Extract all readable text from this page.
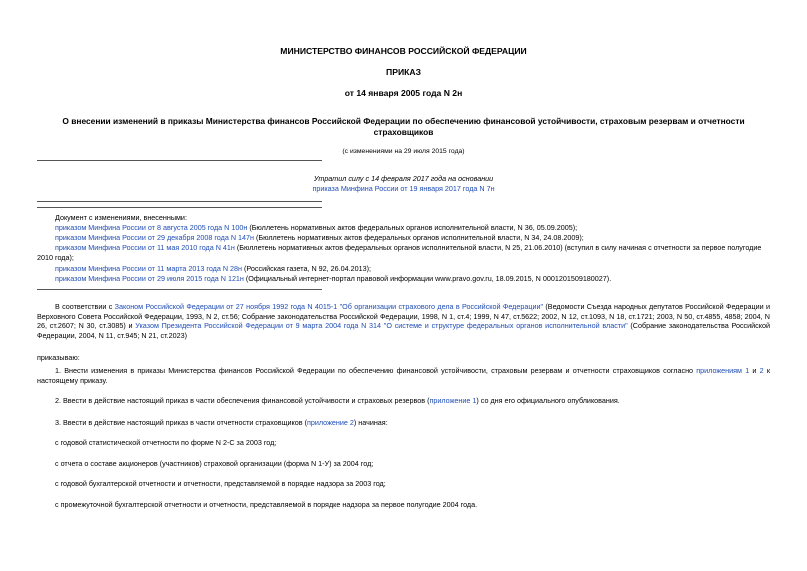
МИНИСТЕРСТВО ФИНАНСОВ РОССИЙСКОЙ ФЕДЕРАЦИИ
ПРИКАЗ
от 14 января 2005 года N 2н
О внесении изменений в приказы Министерства финансов Российской Федерации по обеспечению финансовой устойчивости, страховым резервам и отчетности
страховщиков
(с изменениями на 29 июля 2015 года)
Утратил силу с 14 февраля 2017 года на основании
приказа Минфина России от 19 января 2017 года N 7н
Документ с изменениями, внесенными:
приказом Минфина России от 8 августа 2005 года N 100н (Бюллетень нормативных актов федеральных органов исполнительной власти, N 36, 05.09.2005);
приказом Минфина России от 29 декабря 2008 года N 147н (Бюллетень нормативных актов федеральных органов исполнительной власти, N 34, 24.08.2009);
приказом Минфина России от 11 мая 2010 года N 41н (Бюллетень нормативных актов федеральных органов исполнительной власти, N 25, 21.06.2010) (вступил в силу начиная с отчетности за первое полугодие
2010 года);
приказом Минфина России от 11 марта 2013 года N 28н (Российская газета, N 92, 26.04.2013);
приказом Минфина России от 29 июля 2015 года N 121н (Официальный интернет-портал правовой информации www.pravo.gov.ru, 18.09.2015, N 0001201509180027).
В соответствии с Законом Российской Федерации от 27 ноября 1992 года N 4015-1 "Об организации страхового дела в Российской Федерации" (Ведомости Съезда народных депутатов Российской Федерации и Верховного Совета Российской Федерации, 1993, N 2, ст.56; Собрание законодательства Российской Федерации, 1998, N 1, ст.4; 1999, N 47, ст.5622; 2002, N 12, ст.1093, N 18, ст.1721; 2003, N 50, ст.4855, 4858; 2004, N 26, ст.2607; N 30, ст.3085) и Указом Президента Российской Федерации от 9 марта 2004 года N 314 "О системе и структуре федеральных органов исполнительной власти" (Собрание законодательства Российской Федерации, 2004, N 11, ст.945; N 21, ст.2023)
приказываю:
1. Внести изменения в приказы Министерства финансов Российской Федерации по обеспечению финансовой устойчивости, страховым резервам и отчетности страховщиков согласно приложениям 1 и 2 к настоящему приказу.
2. Ввести в действие настоящий приказ в части обеспечения финансовой устойчивости и страховых резервов (приложение 1) со дня его официального опубликования.
3. Ввести в действие настоящий приказ в части отчетности страховщиков (приложение 2) начиная:
с годовой статистической отчетности по форме N 2-С за 2003 год;
с отчета о составе акционеров (участников) страховой организации (форма N 1-У) за 2004 год;
с годовой бухгалтерской отчетности и отчетности, представляемой в порядке надзора за 2003 год;
с промежуточной бухгалтерской отчетности и отчетности, представляемой в порядке надзора за первое полугодие 2004 года.
